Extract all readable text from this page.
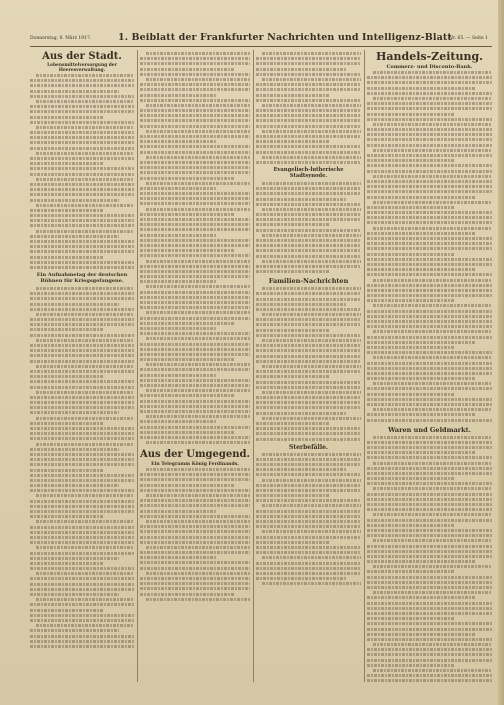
Donnerstag, 8. März 1917.	1. Beiblatt der Frankfurter Nachrichten und Intelligenz-Blatt
Nr. 65. — Seite 1
Aus der Stadt.
Lebensmittelversorgung der Heeresverwaltung.
Ein Aufnahmetag der deutschen Bühnen für Kriegsgefangene.
Aus der Umgegend.
Ein Telegramm König Ferdinands.
Evangelisch-lutherische Stadtsynode.
Familien-Nachrichten
Sterbefälle.
Handels-Zeitung.
Commerz- und Disconto-Bank.
Waren und Geldmarkt.
